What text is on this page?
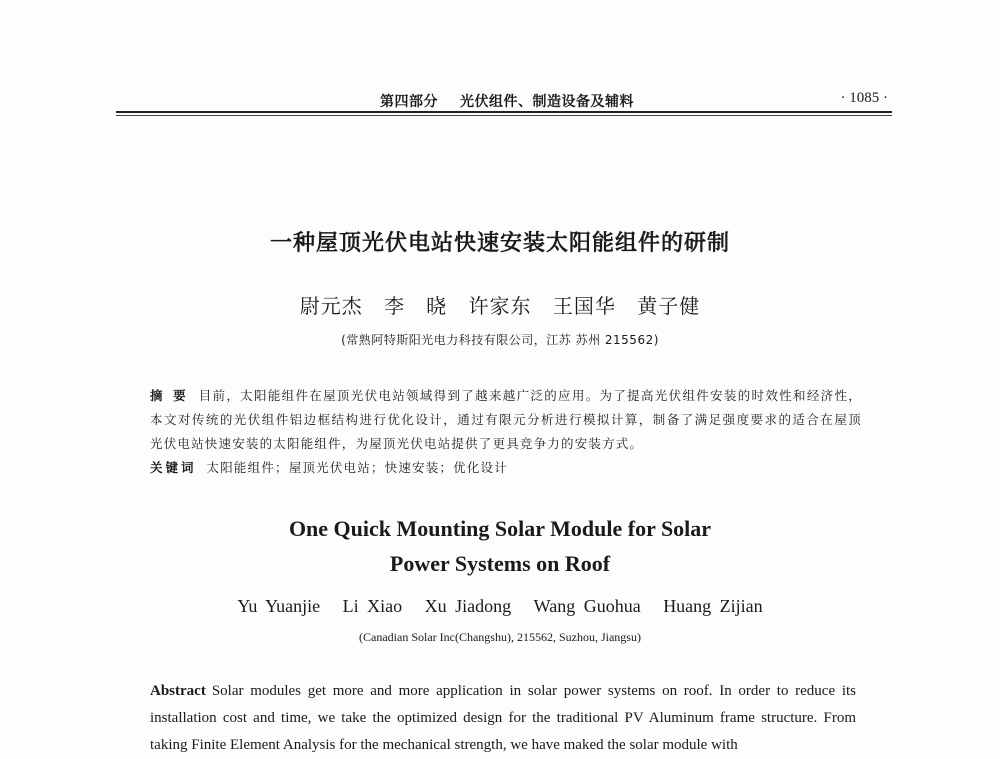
第四部分 光伏组件、制造设备及辅料	· 1085 ·
一种屋顶光伏电站快速安装太阳能组件的研制
尉元杰 李　晓 许家东 王国华 黄子健
(常熟阿特斯阳光电力科技有限公司，江苏 苏州 215562)
摘 要 目前，太阳能组件在屋顶光伏电站领域得到了越来越广泛的应用。为了提高光伏组件安装的时效性和经济性，本文对传统的光伏组件铝边框结构进行优化设计，通过有限元分析进行模拟计算，制备了满足强度要求的适合在屋顶光伏电站快速安装的太阳能组件，为屋顶光伏电站提供了更具竞争力的安装方式。
关键词 太阳能组件；屋顶光伏电站；快速安装；优化设计
One Quick Mounting Solar Module for Solar
Power Systems on Roof
Yu Yuanjie Li Xiao Xu Jiadong Wang Guohua Huang Zijian
(Canadian Solar Inc(Changshu), 215562, Suzhou, Jiangsu)
Abstract Solar modules get more and more application in solar power systems on roof. In order to reduce its installation cost and time, we take the optimized design for the traditional PV Aluminum frame structure. From taking Finite Element Analysis for the mechanical strength, we have maked the solar module with
